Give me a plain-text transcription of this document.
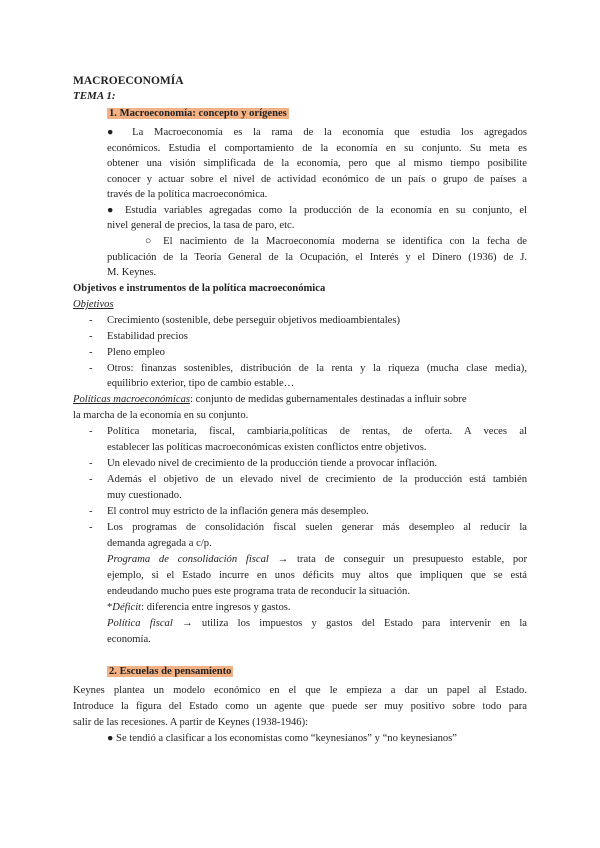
MACROECONOMÍA
TEMA 1:
1. Macroeconomía: concepto y orígenes
● La Macroeconomía es la rama de la economía que estudia los agregados
económicos. Estudia el comportamiento de la economía en su conjunto. Su meta es
obtener una visión simplificada de la economía, pero que al mismo tiempo posibilite
conocer y actuar sobre el nivel de actividad económico de un país o grupo de países a
través de la política macroeconómica.
● Estudia variables agregadas como la producción de la economía en su conjunto, el
nivel general de precios, la tasa de paro, etc.
○ El nacimiento de la Macroeconomía moderna se identifica con la fecha de
publicación de la Teoría General de la Ocupación, el Interés y el Dinero (1936) de J.
M. Keynes.
Objetivos e instrumentos de la política macroeconómica
Objetivos
- Crecimiento (sostenible, debe perseguir objetivos medioambientales)
- Estabilidad precios
- Pleno empleo
- Otros: finanzas sostenibles, distribución de la renta y la riqueza (mucha clase media),
equilibrio exterior, tipo de cambio estable…
Políticas macroeconómicas: conjunto de medidas gubernamentales destinadas a influir sobre
la marcha de la economía en su conjunto.
- Política monetaria, fiscal, cambiaria,políticas de rentas, de oferta. A veces al
establecer las políticas macroeconómicas existen conflictos entre objetivos.
- Un elevado nivel de crecimiento de la producción tiende a provocar inflación.
- Además el objetivo de un elevado nivel de crecimiento de la producción está también
muy cuestionado.
- El control muy estricto de la inflación genera más desempleo.
- Los programas de consolidación fiscal suelen generar más desempleo al reducir la
demanda agregada a c/p.
Programa de consolidación fiscal → trata de conseguir un presupuesto estable, por
ejemplo, si el Estado incurre en unos déficits muy altos que impliquen que se está
endeudando mucho pues este programa trata de reconducir la situación.
*Déficit: diferencia entre ingresos y gastos.
Política fiscal → utiliza los impuestos y gastos del Estado para intervenir en la
economía.
2. Escuelas de pensamiento
Keynes plantea un modelo económico en el que le empieza a dar un papel al Estado.
Introduce la figura del Estado como un agente que puede ser muy positivo sobre todo para
salir de las recesiones. A partir de Keynes (1938-1946):
● Se tendió a clasificar a los economistas como “keynesianos” y “no keynesianos”
